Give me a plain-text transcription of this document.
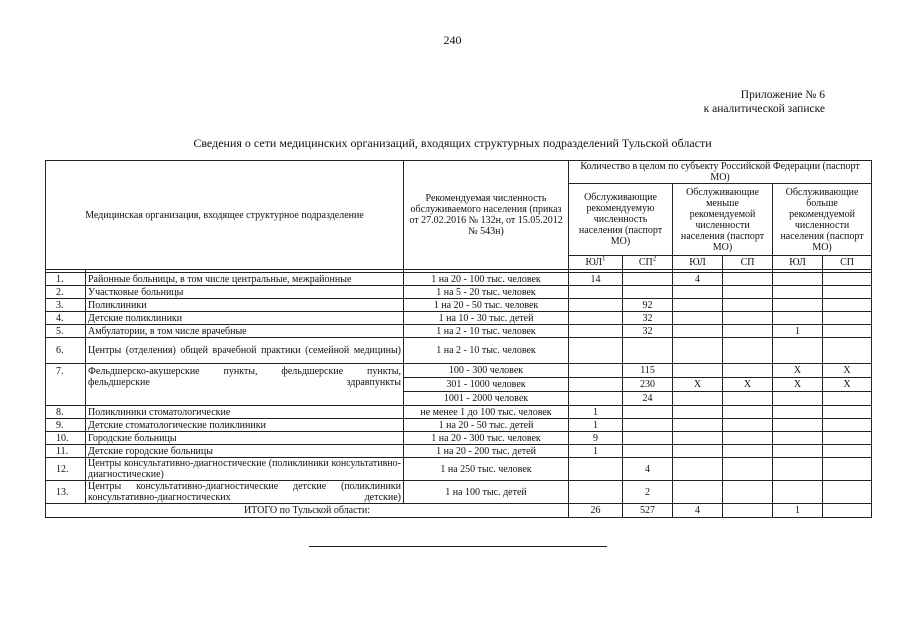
240
Приложение № 6
к аналитической записке
Сведения о сети медицинских организаций, входящих структурных подразделений Тульской области
Медицинская организация, входящее структурное подразделение		Рекомендуемая численность обслуживаемого населения (приказ от 27.02.2016 № 132н, от 15.05.2012 № 543н)	Количество в целом по субъекту Российской Федерации (паспорт МО)					
			Обслуживающие рекомендуемую численность населения (паспорт МО)		Обслуживающие меньше рекомендуемой численности населения (паспорт МО)		Обслуживающие больше рекомендуемой численности населения (паспорт МО)	
			$ЮЛ^1$	$СП^2$	ЮЛ	СП	ЮЛ	СП

1.	Районные больницы, в том числе центральные, межрайонные	1 на 20 - 100 тыс. человек	14		4			
2.	Участковые больницы	1 на 5 - 20 тыс. человек						
3.	Поликлиники	1 на 20 - 50 тыс. человек		92				
4.	Детские поликлиники	1 на 10 - 30 тыс. детей		32				
5.	Амбулатории, в том числе врачебные	1 на 2 - 10 тыс. человек		32			1	
6.	Центры (отделения) общей врачебной практики (семейной медицины)	1 на 2 - 10 тыс. человек						
7.	Фельдшерско-акушерские пункты, фельдшерские пункты, фельдшерские здравпункты	100 - 300 человек		115			X	X
		301 - 1000 человек		230	X	X	X	X
		1001 - 2000 человек		24				
8.	Поликлиники стоматологические	не менее 1 до 100 тыс. человек	1					
9.	Детские стоматологические поликлиники	1 на 20 - 50 тыс. детей	1					
10.	Городские больницы	1 на 20 - 300 тыс. человек	9					
11.	Детские городские больницы	1 на 20 - 200 тыс. детей	1					
12.	Центры консультативно-диагностические (поликлиники консультативно-диагностические)	1 на 250 тыс. человек		4				
13.	Центры консультативно-диагностические детские (поликлиники консультативно-диагностических детские)	1 на 100 тыс. детей		2				
ИТОГО по Тульской области:			26	527	4		1	
